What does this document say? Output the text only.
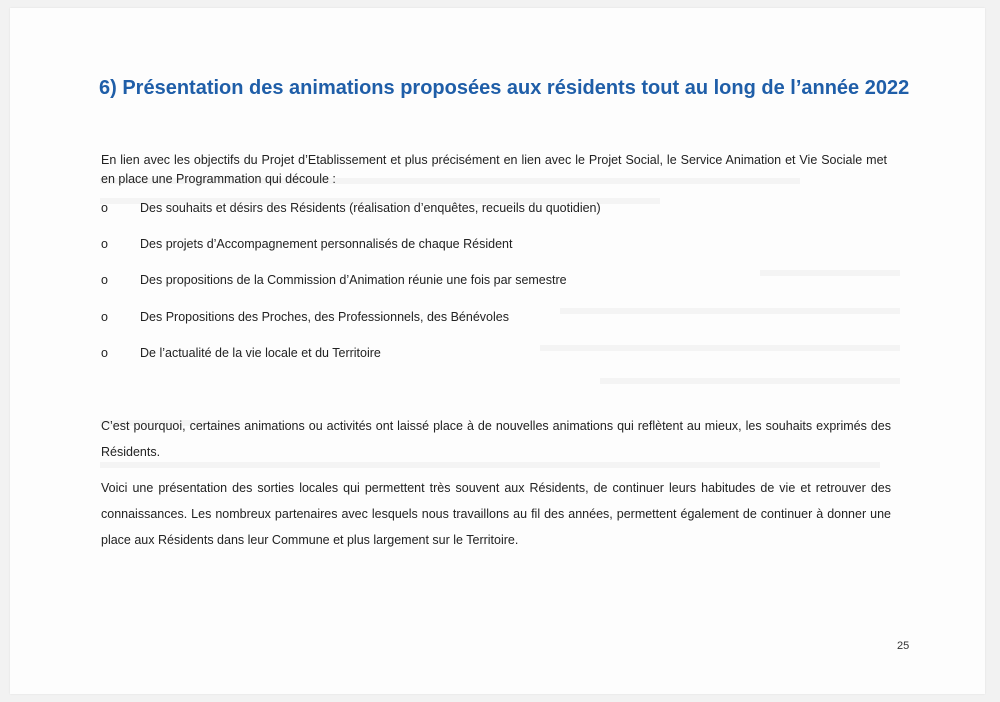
6) Présentation des animations proposées aux résidents tout au long de l’année 2022

En lien avec les objectifs du Projet d’Etablissement et plus précisément en lien avec le Projet Social, le Service Animation et Vie Sociale met en place une Programmation qui découle :

o	Des souhaits et désirs des Résidents (réalisation d’enquêtes, recueils du quotidien)
o	Des projets d’Accompagnement personnalisés de chaque Résident
o	Des propositions de la Commission d’Animation réunie une fois par semestre
o	Des Propositions des Proches, des Professionnels, des Bénévoles
o	De l’actualité de la vie locale et du Territoire

C’est pourquoi, certaines animations ou activités ont laissé place à de nouvelles animations qui reflètent au mieux, les souhaits exprimés des Résidents.

Voici une présentation des sorties locales qui permettent très souvent aux Résidents, de continuer leurs habitudes de vie et retrouver des connaissances. Les nombreux partenaires avec lesquels nous travaillons au fil des années, permettent également de continuer à donner une place aux Résidents dans leur Commune et plus largement sur le Territoire.

25
